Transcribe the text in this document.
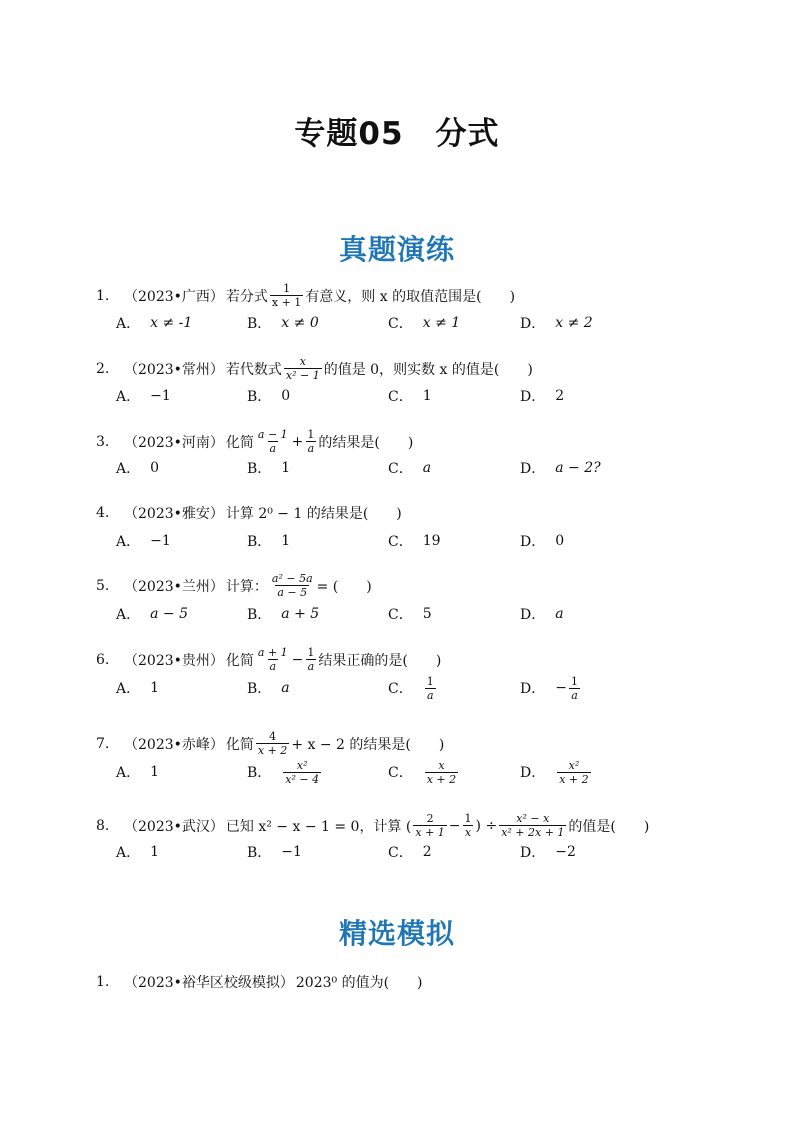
专题05　分式
真题演练
1.	（2023•广西） 若分式 $\frac{1}{x + 1}$ 有意义，则 x 的取值范围是(　　)
A． x ≠ -1	B． x ≠ 0	C． x ≠ 1	D． x ≠ 2
2.	（2023•常州） 若代数式 $\frac{x}{\text{x² − 1}}$ 的值是 0，则实数 x 的值是(　　)
A． −1	B． 0	C． 1	D． 2
3.	（2023•河南） 化简 $\frac{a - 1}{a} + \frac{1}{a}$ 的结果是(　　)
A． 0	B． 1	C． a	D． a − 2?
4.	（2023•雅安） 计算 2⁰ − 1 的结果是(　　)
A． −1	B． 1	C． 19	D． 0
5.	（2023•兰州） 计算： $\frac{\text{a² − 5a}}{a - 5}$ = (　　)
A． a − 5	B． a + 5	C． 5	D． a
6.	（2023•贵州） 化简 $\frac{a + 1}{a} - \frac{1}{a}$ 结果正确的是(　　)
A． 1	B． a	C． $\frac{1}{a}$	D． − $\frac{1}{a}$
7.	（2023•赤峰） 化简 $\frac{4}{x + 2} + x - 2$ 的结果是(　　)
A． 1	B． $\frac{\text{x²}}{\text{x² − 4}}$	C． $\frac{x}{x + 2}$	D． $\frac{\text{x²}}{x + 2}$
8.	（2023•武汉） 已知 x² − x − 1 = 0，计算 ( $\frac{2}{x + 1} - \frac{1}{x}$ ) ÷ $\frac{\text{x² − x}}{\text{x² + 2x + 1}}$ 的值是(　　)
A． 1	B． −1	C． 2	D． −2
精选模拟
1.	（2023•裕华区校级模拟） 2023⁰ 的值为(　　)
